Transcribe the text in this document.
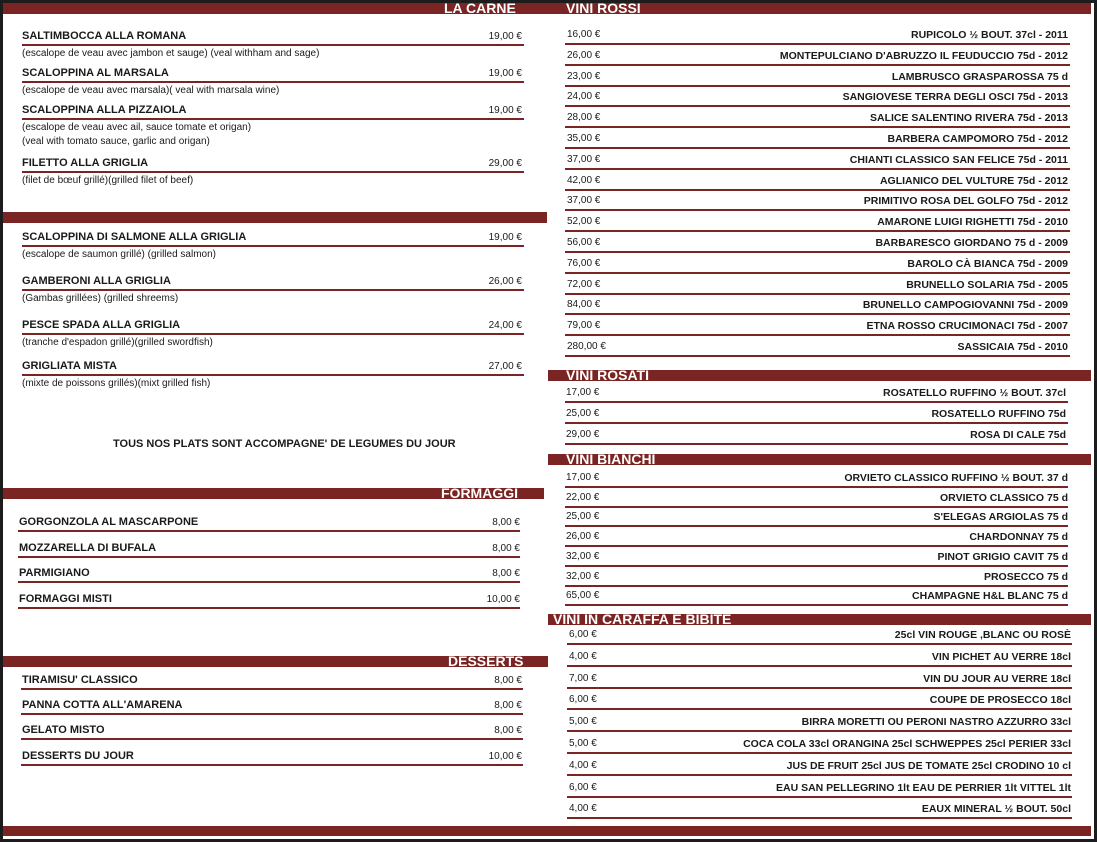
LA CARNE	VINI ROSSI
SALTIMBOCCA ALLA ROMANA	19,00 €
(escalope de veau avec jambon et sauge) (veal withham and sage)
SCALOPPINA AL MARSALA	19,00 €
(escalope de veau avec marsala)( veal with marsala wine)
SCALOPPINA ALLA PIZZAIOLA	19,00 €
(escalope de veau avec ail, sauce tomate et origan)
(veal with tomato sauce, garlic and origan)
FILETTO ALLA GRIGLIA	29,00 €
(filet de bœuf grillé)(grilled filet of beef)
SCALOPPINA DI SALMONE ALLA GRIGLIA	19,00 €
(escalope de saumon grillé) (grilled salmon)
GAMBERONI ALLA GRIGLIA	26,00 €
(Gambas grillées) (grilled shreems)
PESCE SPADA ALLA GRIGLIA	24,00 €
(tranche d'espadon grillé)(grilled swordfish)
GRIGLIATA MISTA	27,00 €
(mixte de poissons grillés)(mixt grilled fish)
TOUS NOS PLATS SONT ACCOMPAGNE' DE LEGUMES DU JOUR
FORMAGGI
GORGONZOLA AL MASCARPONE	8,00 €
MOZZARELLA DI BUFALA	8,00 €
PARMIGIANO	8,00 €
FORMAGGI MISTI	10,00 €
DESSERTS
TIRAMISU' CLASSICO	8,00 €
PANNA COTTA ALL'AMARENA	8,00 €
GELATO MISTO	8,00 €
DESSERTS DU JOUR	10,00 €
16,00 €	RUPICOLO ½ BOUT. 37cl - 2011
26,00 €	MONTEPULCIANO D'ABRUZZO IL FEUDUCCIO 75d - 2012
23,00 €	LAMBRUSCO GRASPAROSSA 75 d
24,00 €	SANGIOVESE TERRA DEGLI OSCI 75d - 2013
28,00 €	SALICE SALENTINO RIVERA 75d - 2013
35,00 €	BARBERA CAMPOMORO 75d - 2012
37,00 €	CHIANTI CLASSICO SAN FELICE 75d - 2011
42,00 €	AGLIANICO DEL VULTURE 75d - 2012
37,00 €	PRIMITIVO ROSA DEL GOLFO 75d - 2012
52,00 €	AMARONE LUIGI RIGHETTI 75d - 2010
56,00 €	BARBARESCO GIORDANO 75 d - 2009
76,00 €	BAROLO CÀ BIANCA 75d - 2009
72,00 €	BRUNELLO SOLARIA 75d - 2005
84,00 €	BRUNELLO CAMPOGIOVANNI 75d - 2009
79,00 €	ETNA ROSSO CRUCIMONACI 75d - 2007
280,00 €	SASSICAIA 75d - 2010
VINI ROSATI
17,00 €	ROSATELLO RUFFINO ½ BOUT. 37cl
25,00 €	ROSATELLO RUFFINO 75d
29,00 €	ROSA DI CALE 75d
VINI BIANCHI
17,00 €	ORVIETO CLASSICO RUFFINO ½ BOUT. 37 d
22,00 €	ORVIETO CLASSICO 75 d
25,00 €	S'ELEGAS ARGIOLAS 75 d
26,00 €	CHARDONNAY 75 d
32,00 €	PINOT GRIGIO CAVIT 75 d
32,00 €	PROSECCO 75 d
65,00 €	CHAMPAGNE H&L BLANC 75 d
VINI IN CARAFFA E BIBITE
6,00 €	25cl VIN ROUGE ,BLANC OU ROSÈ
4,00 €	VIN PICHET AU VERRE 18cl
7,00 €	VIN DU JOUR AU VERRE 18cl
6,00 €	COUPE DE PROSECCO 18cl
5,00 €	BIRRA MORETTI OU PERONI NASTRO AZZURRO 33cl
5,00 €	COCA COLA 33cl ORANGINA 25cl SCHWEPPES 25cl PERIER 33cl
4,00 €	JUS DE FRUIT 25cl JUS DE TOMATE 25cl CRODINO 10 cl
6,00 €	EAU SAN PELLEGRINO 1lt EAU DE PERRIER 1lt VITTEL 1lt
4,00 €	EAUX MINERAL ½ BOUT. 50cl
